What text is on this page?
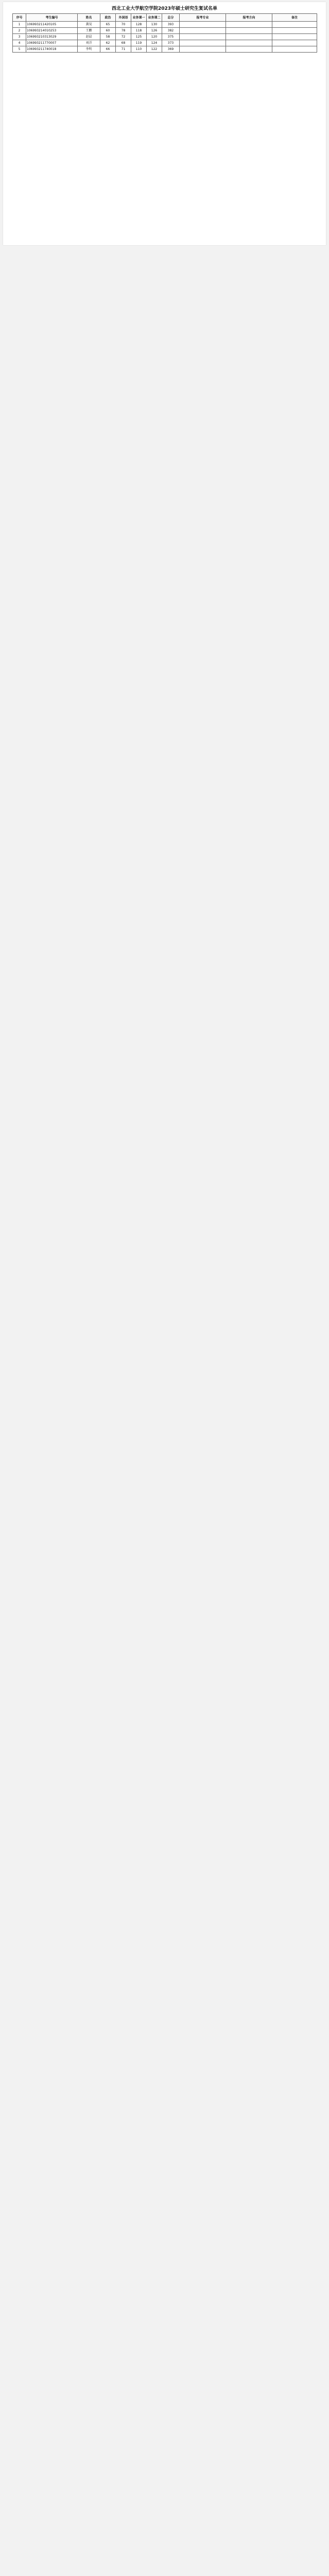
西北工业大学航空学院2023年硕士研究生复试名单
序号	考生编号	姓名	政治	外国语	业务课一	业务课二	总分	报考专业	报考方向	备注
1	106993211420105	龚昊	65	70	128	130	393			
2	106993214010253	王鹏	60	78	118	126	382			
3	106993210313029	赵晨	58	72	125	120	375			
4	106993211770007	刘洋	62	68	119	124	373			
5	106993211740018	李明	66	71	110	122	369			
